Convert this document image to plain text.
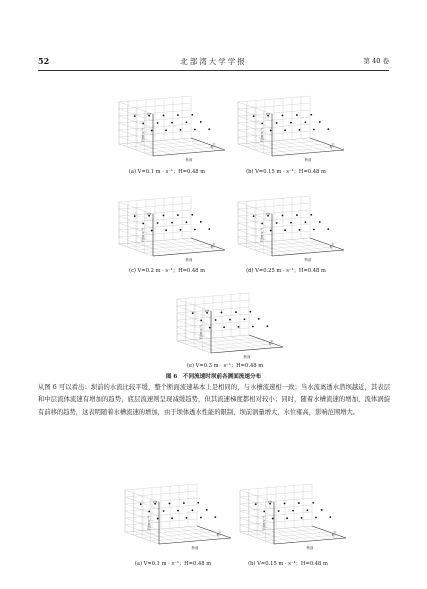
52	北部湾大学学报	第 40 卷
V/(m·s⁻¹)
断面
测点
0.6
(a) V=0.1 m · s⁻¹；H=0.48 m
V/(m·s⁻¹)
断面
测点
0.6
(b) V=0.15 m · s⁻¹；H=0.48 m
V/(m·s⁻¹)
断面
测点
0.6
(c) V=0.2 m · s⁻¹；H=0.48 m
V/(m·s⁻¹)
断面
测点
0.6
(d) V=0.25 m · s⁻¹；H=0.48 m
V/(m·s⁻¹)
断面
测点
0.6
(e) V=0.3 m · s⁻¹；H=0.48 m
图 6　不同流速时坝前各测面流速分布

从图 6 可以看出：坝前的水流比较平缓，整个断面流速基本上是相同的，与水槽流速相一致；当水流离透水潜坝越近，其表层和中层流体流速有增加的趋势，底层流速则呈现减缓趋势，但其流速梯度都相对较小；同时，随着水槽流速的增加，流体涡旋有前移的趋势，这表明随着水槽流速的增加，由于坝体透水性能的限制，坝前涡量增大，水位雍高，影响范围增大。

V/(m·s⁻¹)
断面
测点
0.6
(a) V=0.1 m · s⁻¹；H=0.48 m
V/(m·s⁻¹)
断面
测点
0.6
(b) V=0.15 m · s⁻¹；H=0.48 m
